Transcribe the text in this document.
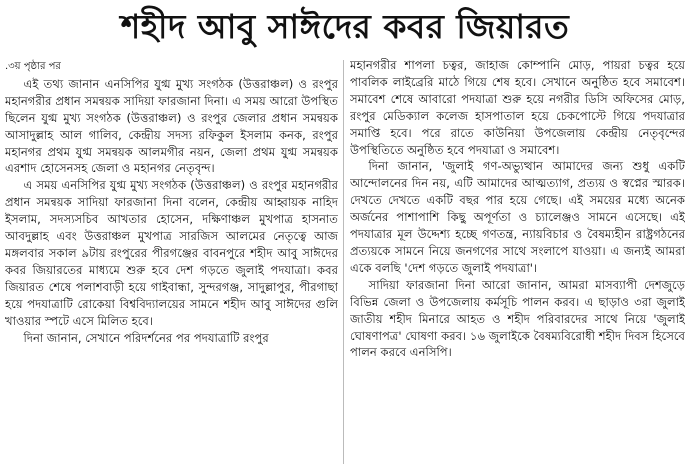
শহীদ আবু সাঈদের কবর জিয়ারত

.৩য় পৃষ্ঠার পর

এই তথ্য জানান এনসিপির যুগ্ম মুখ্য সংগঠক (উত্তরাঞ্চল) ও রংপুর মহানগরীর প্রধান সমন্বয়ক সাদিয়া ফারজানা দিনা। এ সময় আরো উপস্থিত ছিলেন যুগ্ম মুখ্য সংগঠক (উত্তরাঞ্চল) ও রংপুর জেলার প্রধান সমন্বয়ক আসাদুল্লাহ আল গালিব, কেন্দ্রীয় সদস্য রফিকুল ইসলাম কনক, রংপুর মহানগর প্রথম যুগ্ম সমন্বয়ক আলমগীর নয়ন, জেলা প্রথম যুগ্ম সমন্বয়ক এরশাদ হোসেনসহ জেলা ও মহানগর নেতৃবৃন্দ।

এ সময় এনসিপির যুগ্ম মুখ্য সংগঠক (উত্তরাঞ্চল) ও রংপুর মহানগরীর প্রধান সমন্বয়ক সাদিয়া ফারজানা দিনা বলেন, কেন্দ্রীয় আহ্বায়ক নাহিদ ইসলাম, সদস্যসচিব আখতার হোসেন, দক্ষিণাঞ্চল মুখপাত্র হাসনাত আবদুল্লাহ এবং উত্তরাঞ্চল মুখপাত্র সারজিস আলমের নেতৃত্বে আজ মঙ্গলবার সকাল ৯টায় রংপুরের পীরগঞ্জের বাবনপুরে শহীদ আবু সাঈদের কবর জিয়ারতের মাধ্যমে শুরু হবে দেশ গড়তে জুলাই পদযাত্রা। কবর জিয়ারত শেষে পলাশবাড়ী হয়ে গাইবান্ধা, সুন্দরগঞ্জ, সাদুল্লাপুর, পীরগাছা হয়ে পদযাত্রাটি রোকেয়া বিশ্ববিদ্যালয়ের সামনে শহীদ আবু সাঈদের গুলি খাওয়ার স্পটে এসে মিলিত হবে।

দিনা জানান, সেখানে পরিদর্শনের পর পদযাত্রাটি রংপুর

মহানগরীর শাপলা চত্বর, জাহাজ কোম্পানি মোড়, পায়রা চত্বর হয়ে পাবলিক লাইব্রেরি মাঠে গিয়ে শেষ হবে। সেখানে অনুষ্ঠিত হবে সমাবেশ। সমাবেশ শেষে আবারো পদযাত্রা শুরু হয়ে নগরীর ডিসি অফিসের মোড়, রংপুর মেডিক্যাল কলেজ হাসপাতাল হয়ে চেকপোস্টে গিয়ে পদযাত্রার সমাপ্তি হবে। পরে রাতে কাউনিয়া উপজেলায় কেন্দ্রীয় নেতৃবৃন্দের উপস্থিতিতে অনুষ্ঠিত হবে পদযাত্রা ও সমাবেশ।

দিনা জানান, 'জুলাই গণ-অভ্যুত্থান আমাদের জন্য শুধু একটি আন্দোলনের দিন নয়, এটি আমাদের আত্মত্যাগ, প্রত্যয় ও স্বপ্নের স্মারক। দেখতে দেখতে একটি বছর পার হয়ে গেছে। এই সময়ের মধ্যে অনেক অর্জনের পাশাপাশি কিছু অপূর্ণতা ও চ্যালেঞ্জও সামনে এসেছে। এই পদযাত্রার মূল উদ্দেশ্য হচ্ছে গণতন্ত্র, ন্যায়বিচার ও বৈষম্যহীন রাষ্ট্রগঠনের প্রত্যয়কে সামনে নিয়ে জনগণের সাথে সংলাপে যাওয়া। এ জন্যই আমরা একে বলছি 'দেশ গড়তে জুলাই পদযাত্রা'।

সাদিয়া ফারজানা দিনা আরো জানান, আমরা মাসব্যাপী দেশজুড়ে বিভিন্ন জেলা ও উপজেলায় কর্মসূচি পালন করব। এ ছাড়াও ৩রা জুলাই জাতীয় শহীদ মিনারে আহত ও শহীদ পরিবারদের সাথে নিয়ে 'জুলাই ঘোষণাপত্র' ঘোষণা করব। ১৬ জুলাইকে বৈষম্যবিরোধী শহীদ দিবস হিসেবে পালন করবে এনসিপি।
